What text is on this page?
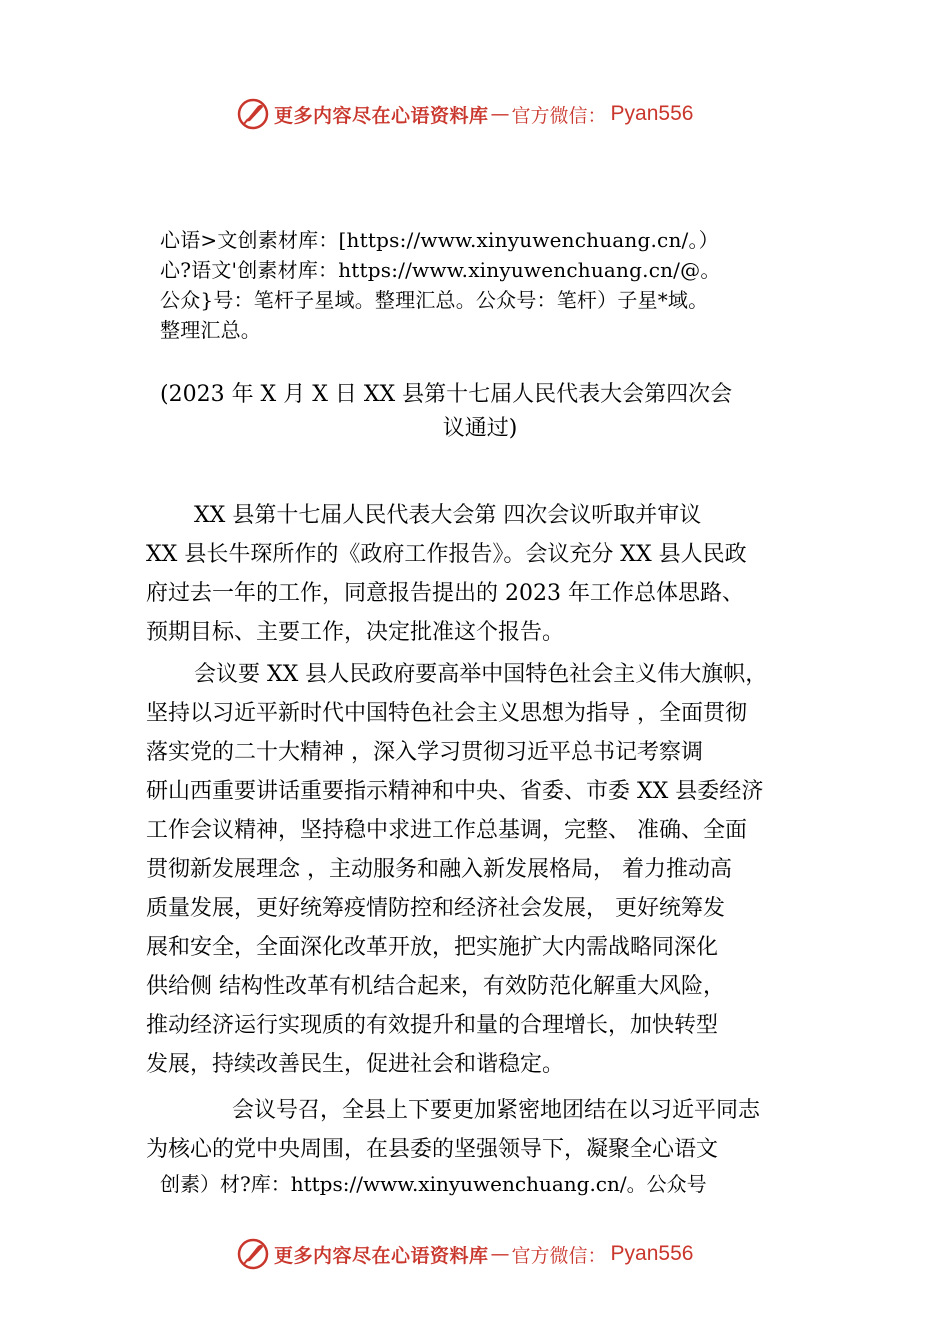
更多内容尽在心语资料库 — 官方微信： Pyan556
心语>文创素材库：[https://www.xinyuwenchuang.cn/。）
心?语文'创素材库：https://www.xinyuwenchuang.cn/@。
公众}号：笔杆子星域。整理汇总。公众号：笔杆）子星*域。
整理汇总。
(2023 年 X 月 X 日 XX 县第十七届人民代表大会第四次会
议通过)
XX 县第十七届人民代表大会第 四次会议听取并审议
XX 县长牛琛所作的《政府工作报告》。会议充分 XX 县人民政
府过去一年的工作，同意报告提出的 2023 年工作总体思路、
预期目标、主要工作，决定批准这个报告。
会议要 XX 县人民政府要高举中国特色社会主义伟大旗帜，
坚持以习近平新时代中国特色社会主义思想为指导 ，全面贯彻
落实党的二十大精神 ，深入学习贯彻习近平总书记考察调
研山西重要讲话重要指示精神和中央、省委、市委 XX 县委经济
工作会议精神，坚持稳中求进工作总基调，完整、 准确、全面
贯彻新发展理念 ，主动服务和融入新发展格局， 着力推动高
质量发展，更好统筹疫情防控和经济社会发展， 更好统筹发
展和安全，全面深化改革开放，把实施扩大内需战略同深化
供给侧 结构性改革有机结合起来，有效防范化解重大风险，
推动经济运行实现质的有效提升和量的合理增长，加快转型
发展，持续改善民生，促进社会和谐稳定。
会议号召，全县上下要更加紧密地团结在以习近平同志
为核心的党中央周围，在县委的坚强领导下，凝聚全心语文
创素）材?库：https://www.xinyuwenchuang.cn/。公众号
更多内容尽在心语资料库 — 官方微信： Pyan556
